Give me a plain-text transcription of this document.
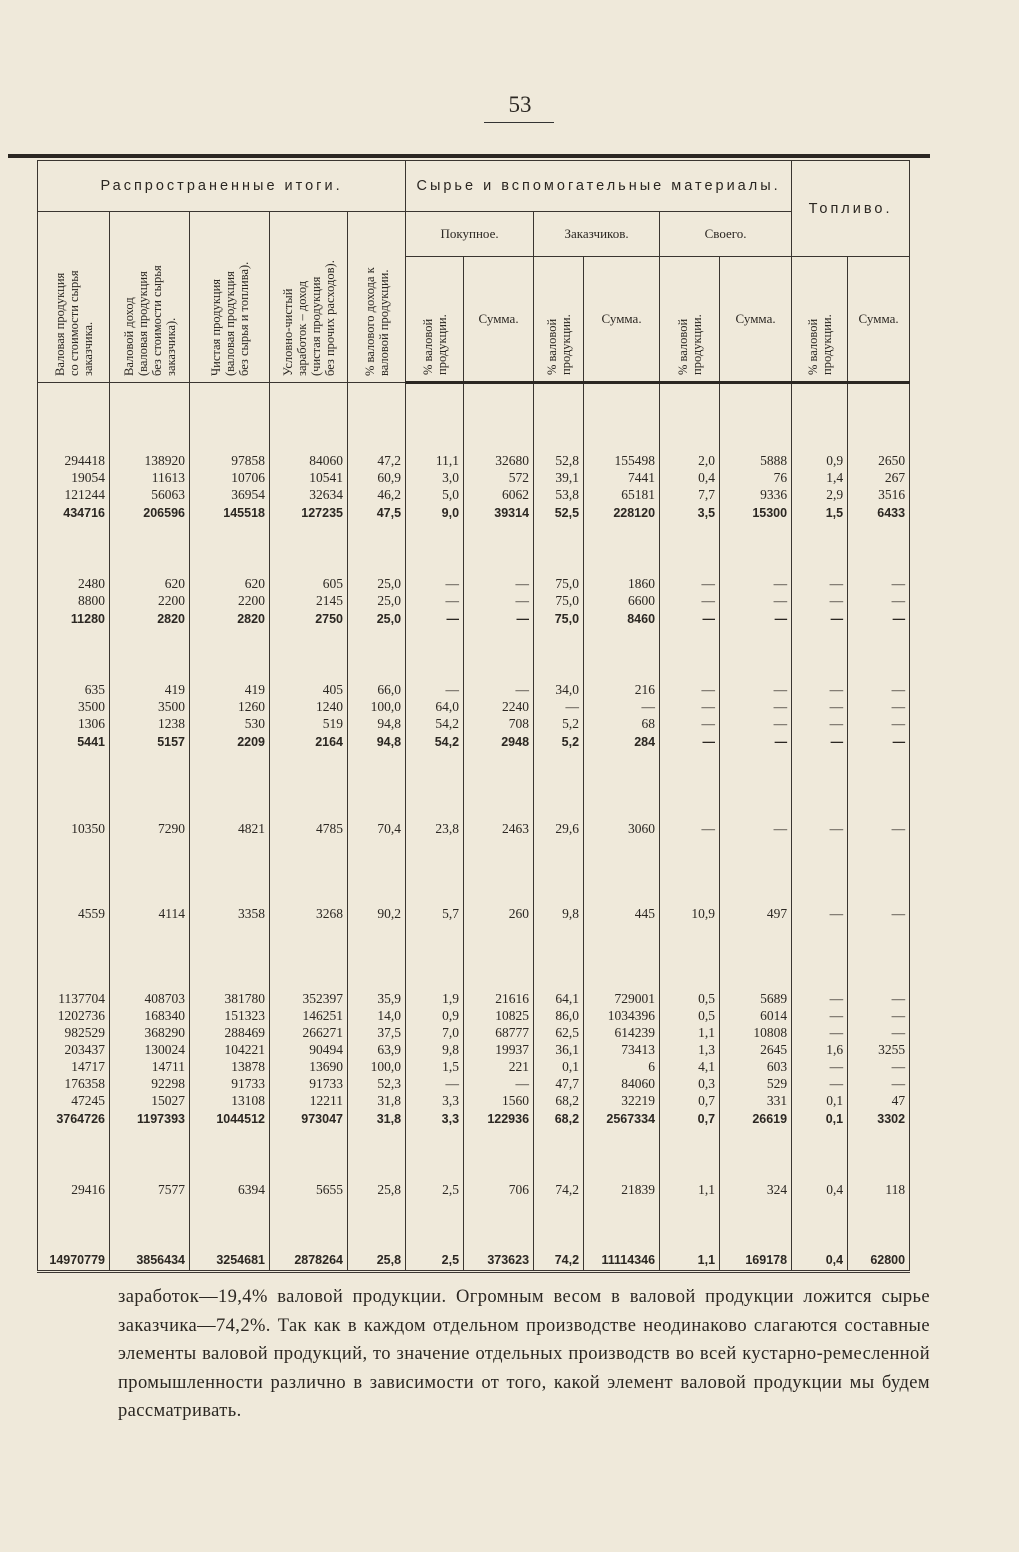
53
Распространенные итоги.					Сырье и вспомогательные материалы.						Топливо.	

Валовая продукция со стоимости сырья заказчика.	Валовой доход (валовая продукция без стоимости сырья заказчика).	Чистая продукция (валовая продукция без сырья и топлива).	Условно-чистый заработок – доход (чистая продукция без прочих расходов).	% валового дохода к валовой продукции.	Покупное.		Заказчиков.		Своего.			

					% валовой продукции.	Сумма.	% валовой продукции.	Сумма.	% валовой продукции.	Сумма.	% валовой продукции.	Сумма.

294418	138920	97858	84060	47,2	11,1	32680	52,8	155498	2,0	5888	0,9	2650
19054	11613	10706	10541	60,9	3,0	572	39,1	7441	0,4	76	1,4	267
121244	56063	36954	32634	46,2	5,0	6062	53,8	65181	7,7	9336	2,9	3516
434716	206596	145518	127235	47,5	9,0	39314	52,5	228120	3,5	15300	1,5	6433

2480	620	620	605	25,0	—	—	75,0	1860	—	—	—	—
8800	2200	2200	2145	25,0	—	—	75,0	6600	—	—	—	—
11280	2820	2820	2750	25,0	—	—	75,0	8460	—	—	—	—

635	419	419	405	66,0	—	—	34,0	216	—	—	—	—
3500	3500	1260	1240	100,0	64,0	2240	—	—	—	—	—	—
1306	1238	530	519	94,8	54,2	708	5,2	68	—	—	—	—
5441	5157	2209	2164	94,8	54,2	2948	5,2	284	—	—	—	—

10350	7290	4821	4785	70,4	23,8	2463	29,6	3060	—	—	—	—

4559	4114	3358	3268	90,2	5,7	260	9,8	445	10,9	497	—	—

1137704	408703	381780	352397	35,9	1,9	21616	64,1	729001	0,5	5689	—	—
1202736	168340	151323	146251	14,0	0,9	10825	86,0	1034396	0,5	6014	—	—
982529	368290	288469	266271	37,5	7,0	68777	62,5	614239	1,1	10808	—	—
203437	130024	104221	90494	63,9	9,8	19937	36,1	73413	1,3	2645	1,6	3255
14717	14711	13878	13690	100,0	1,5	221	0,1	6	4,1	603	—	—
176358	92298	91733	91733	52,3	—	—	47,7	84060	0,3	529	—	—
47245	15027	13108	12211	31,8	3,3	1560	68,2	32219	0,7	331	0,1	47
3764726	1197393	1044512	973047	31,8	3,3	122936	68,2	2567334	0,7	26619	0,1	3302

29416	7577	6394	5655	25,8	2,5	706	74,2	21839	1,1	324	0,4	118

14970779	3856434	3254681	2878264	25,8	2,5	373623	74,2	11114346	1,1	169178	0,4	62800

заработок—19,4% валовой продукции. Огромным весом в валовой продукции ложится сырье заказчика—74,2%. Так как в каждом отдельном производстве неодинаково слагаются составные элементы валовой продукций, то значение отдельных производств во всей кустарно-ремесленной промышленности различно в зависимости от того, какой элемент валовой продукции мы будем рассматривать.
